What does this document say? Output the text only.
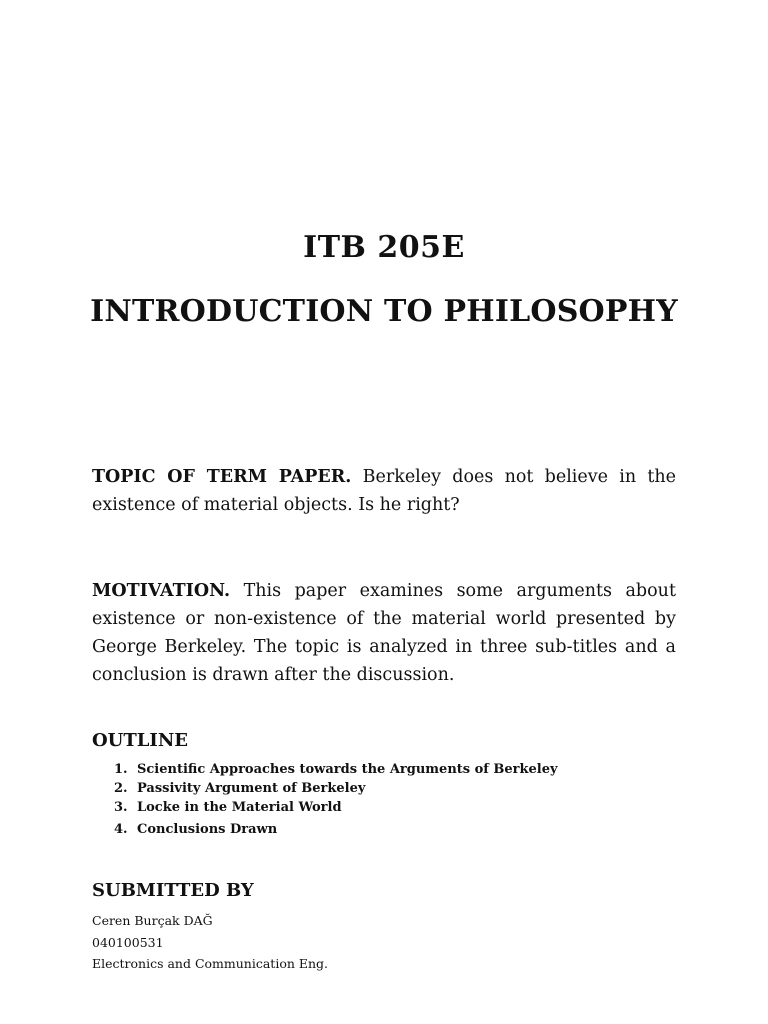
ITB 205E
INTRODUCTION TO PHILOSOPHY
TOPIC OF TERM PAPER. Berkeley does not believe in the existence of material objects. Is he right?
MOTIVATION. This paper examines some arguments about existence or non-existence of the material world presented by George Berkeley. The topic is analyzed in three sub-titles and a conclusion is drawn after the discussion.
OUTLINE
1. Scientific Approaches towards the Arguments of Berkeley
2. Passivity Argument of Berkeley
3. Locke in the Material World
4. Conclusions Drawn
SUBMITTED BY
Ceren Burçak DAĞ
040100531
Electronics and Communication Eng.
